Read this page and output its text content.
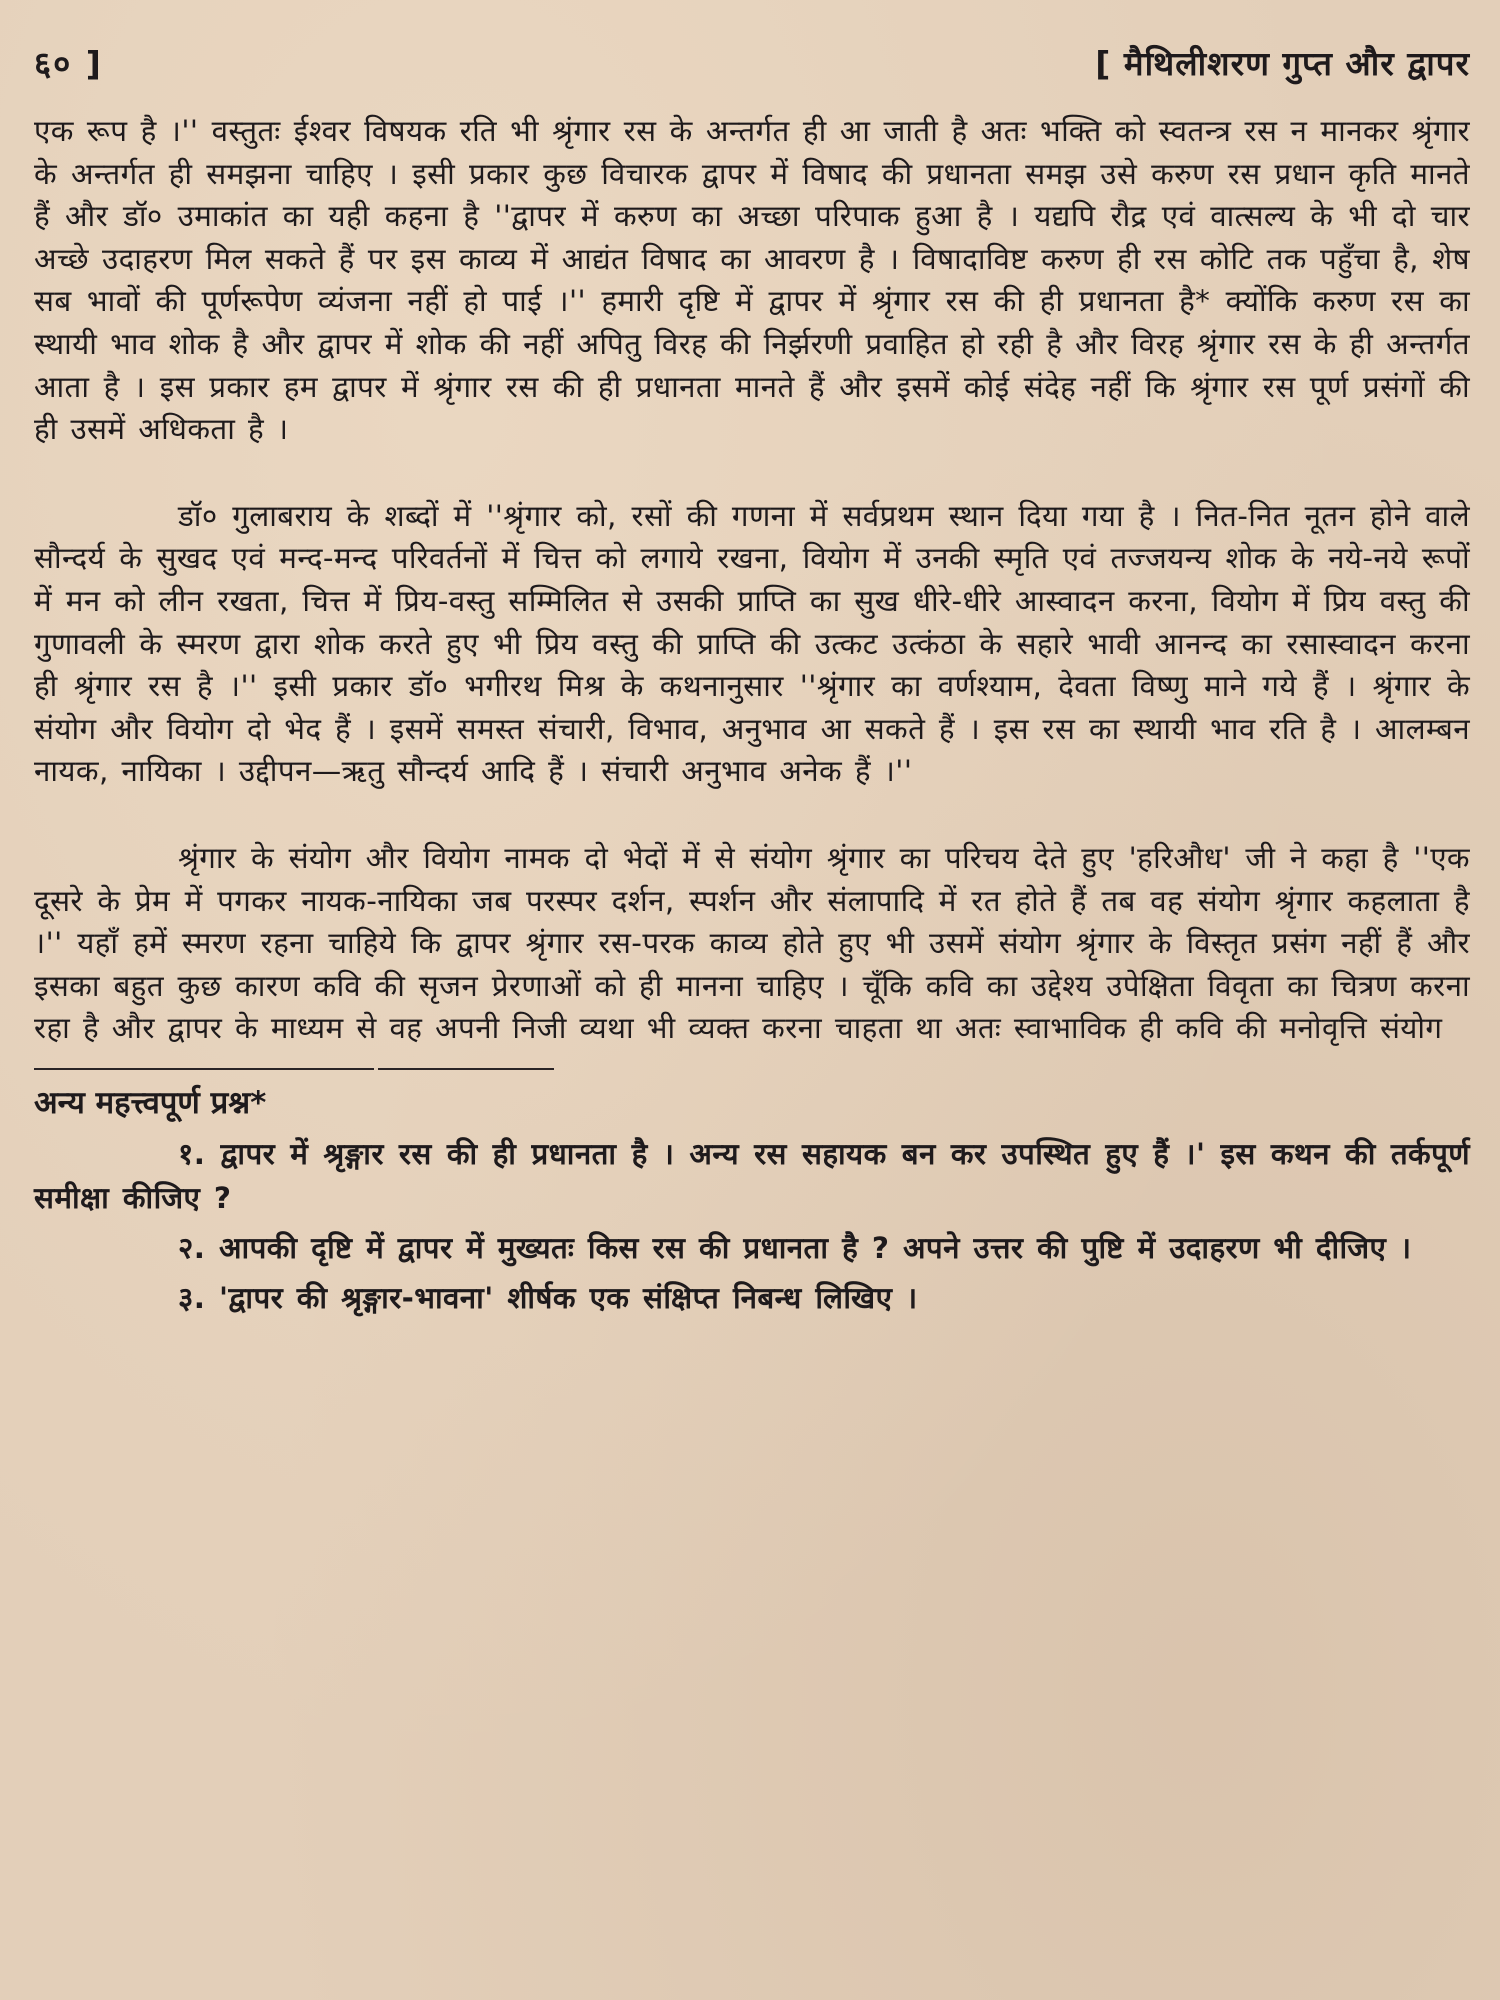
६० ]	[ मैथिलीशरण गुप्त और द्वापर

एक रूप है ।'' वस्तुतः ईश्वर विषयक रति भी श्रृंगार रस के अन्तर्गत ही आ जाती है अतः भक्ति को स्वतन्त्र रस न मानकर श्रृंगार के अन्तर्गत ही समझना चाहिए । इसी प्रकार कुछ विचारक द्वापर में विषाद की प्रधानता समझ उसे करुण रस प्रधान कृति मानते हैं और डॉ० उमाकांत का यही कहना है ''द्वापर में करुण का अच्छा परिपाक हुआ है । यद्यपि रौद्र एवं वात्सल्य के भी दो चार अच्छे उदाहरण मिल सकते हैं पर इस काव्य में आद्यंत विषाद का आवरण है । विषादाविष्ट करुण ही रस कोटि तक पहुँचा है, शेष सब भावों की पूर्णरूपेण व्यंजना नहीं हो पाई ।'' हमारी दृष्टि में द्वापर में श्रृंगार रस की ही प्रधानता है* क्योंकि करुण रस का स्थायी भाव शोक है और द्वापर में शोक की नहीं अपितु विरह की निर्झरणी प्रवाहित हो रही है और विरह श्रृंगार रस के ही अन्तर्गत आता है । इस प्रकार हम द्वापर में श्रृंगार रस की ही प्रधानता मानते हैं और इसमें कोई संदेह नहीं कि श्रृंगार रस पूर्ण प्रसंगों की ही उसमें अधिकता है ।

डॉ० गुलाबराय के शब्दों में ''श्रृंगार को, रसों की गणना में सर्वप्रथम स्थान दिया गया है । नित-नित नूतन होने वाले सौन्दर्य के सुखद एवं मन्द-मन्द परिवर्तनों में चित्त को लगाये रखना, वियोग में उनकी स्मृति एवं तज्जयन्य शोक के नये-नये रूपों में मन को लीन रखता, चित्त में प्रिय-वस्तु सम्मिलित से उसकी प्राप्ति का सुख धीरे-धीरे आस्वादन करना, वियोग में प्रिय वस्तु की गुणावली के स्मरण द्वारा शोक करते हुए भी प्रिय वस्तु की प्राप्ति की उत्कट उत्कंठा के सहारे भावी आनन्द का रसास्वादन करना ही श्रृंगार रस है ।'' इसी प्रकार डॉ० भगीरथ मिश्र के कथनानुसार ''श्रृंगार का वर्णश्याम, देवता विष्णु माने गये हैं । श्रृंगार के संयोग और वियोग दो भेद हैं । इसमें समस्त संचारी, विभाव, अनुभाव आ सकते हैं । इस रस का स्थायी भाव रति है । आलम्बन नायक, नायिका । उद्दीपन—ऋतु सौन्दर्य आदि हैं । संचारी अनुभाव अनेक हैं ।''

श्रृंगार के संयोग और वियोग नामक दो भेदों में से संयोग श्रृंगार का परिचय देते हुए 'हरिऔध' जी ने कहा है ''एक दूसरे के प्रेम में पगकर नायक-नायिका जब परस्पर दर्शन, स्पर्शन और संलापादि में रत होते हैं तब वह संयोग श्रृंगार कहलाता है ।'' यहाँ हमें स्मरण रहना चाहिये कि द्वापर श्रृंगार रस-परक काव्य होते हुए भी उसमें संयोग श्रृंगार के विस्तृत प्रसंग नहीं हैं और इसका बहुत कुछ कारण कवि की सृजन प्रेरणाओं को ही मानना चाहिए । चूँकि कवि का उद्देश्य उपेक्षिता विवृता का चित्रण करना रहा है और द्वापर के माध्यम से वह अपनी निजी व्यथा भी व्यक्त करना चाहता था अतः स्वाभाविक ही कवि की मनोवृत्ति संयोग

अन्य महत्त्वपूर्ण प्रश्न*

१. द्वापर में श्रृङ्गार रस की ही प्रधानता है । अन्य रस सहायक बन कर उपस्थित हुए हैं ।' इस कथन की तर्कपूर्ण समीक्षा कीजिए ?

२. आपकी दृष्टि में द्वापर में मुख्यतः किस रस की प्रधानता है ? अपने उत्तर की पुष्टि में उदाहरण भी दीजिए ।

३. 'द्वापर की श्रृङ्गार-भावना' शीर्षक एक संक्षिप्त निबन्ध लिखिए ।
